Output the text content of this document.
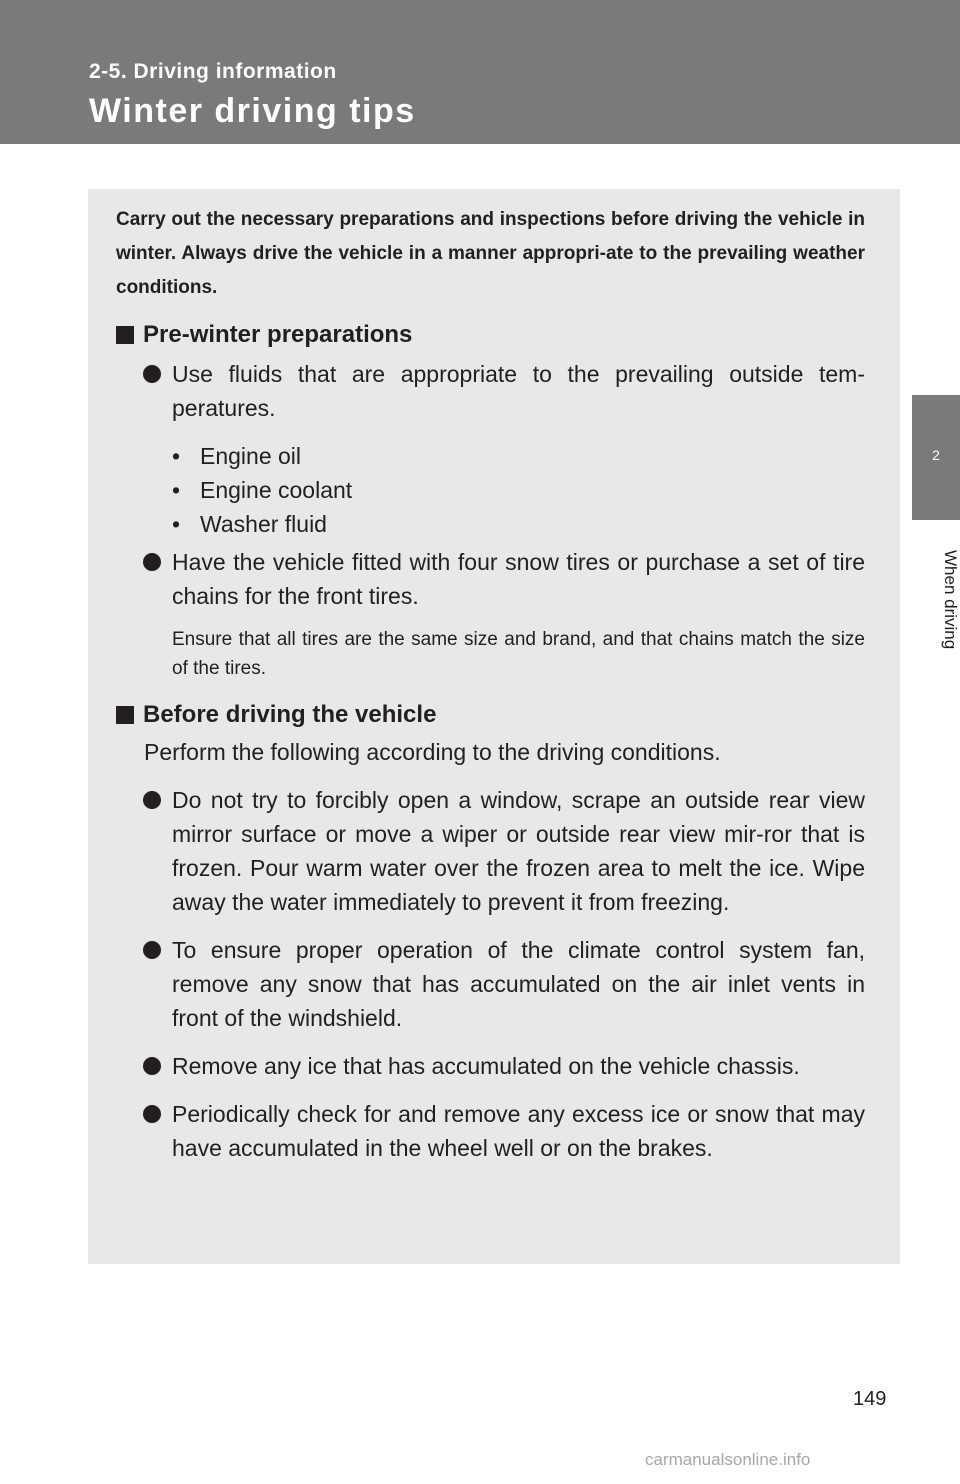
2-5. Driving information

Winter driving tips
2
When driving

Carry out the necessary preparations and inspections before driving the vehicle in winter. Always drive the vehicle in a manner appropri-ate to the prevailing weather conditions.

Pre-winter preparations
Use fluids that are appropriate to the prevailing outside tem-peratures.
• Engine oil
• Engine coolant
• Washer fluid
Have the vehicle fitted with four snow tires or purchase a set of tire chains for the front tires.

Ensure that all tires are the same size and brand, and that chains match the size of the tires.

Before driving the vehicle

Perform the following according to the driving conditions.

Do not try to forcibly open a window, scrape an outside rear view mirror surface or move a wiper or outside rear view mir-ror that is frozen. Pour warm water over the frozen area to melt the ice. Wipe away the water immediately to prevent it from freezing.
To ensure proper operation of the climate control system fan, remove any snow that has accumulated on the air inlet vents in front of the windshield.
Remove any ice that has accumulated on the vehicle chassis.
Periodically check for and remove any excess ice or snow that may have accumulated in the wheel well or on the brakes.
149
carmanualsonline.info
